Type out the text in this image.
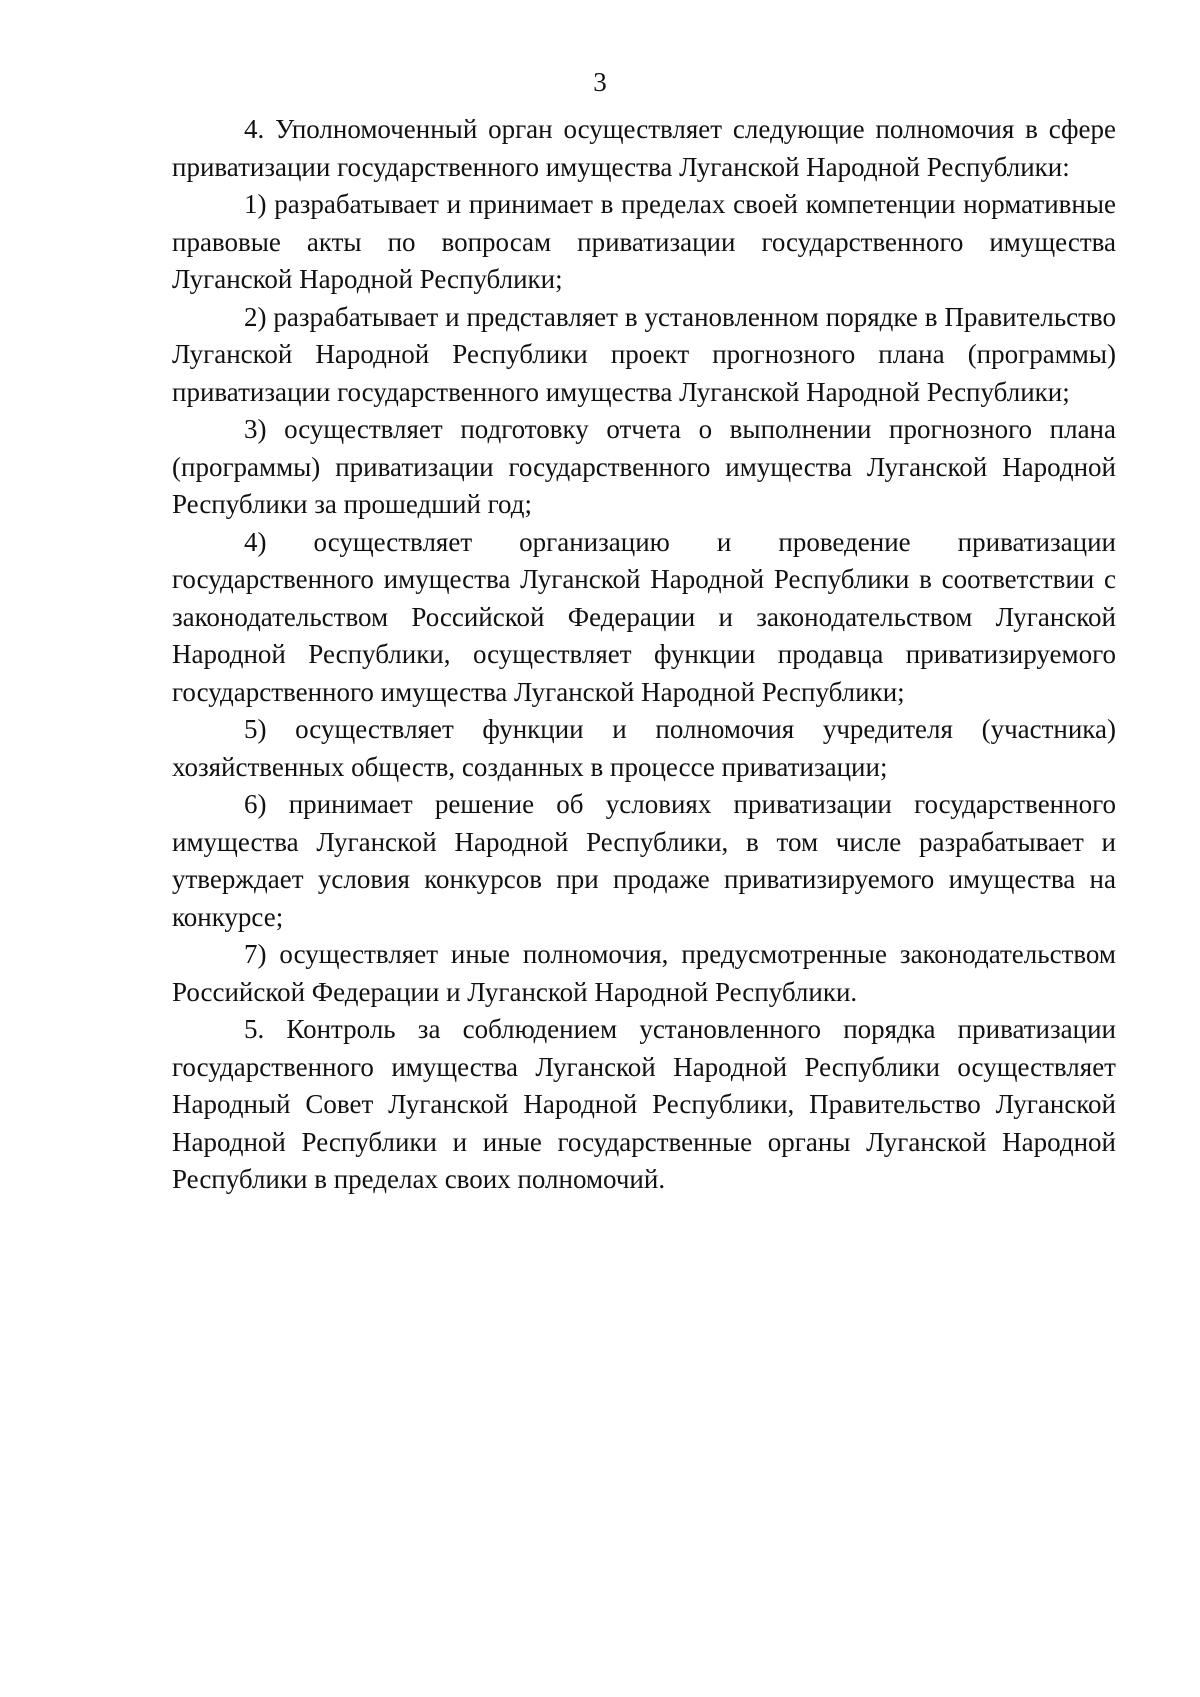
3

4. Уполномоченный орган осуществляет следующие полномочия в сфере приватизации государственного имущества Луганской Народной Республики:

1) разрабатывает и принимает в пределах своей компетенции нормативные правовые акты по вопросам приватизации государственного имущества Луганской Народной Республики;

2) разрабатывает и представляет в установленном порядке в Правительство Луганской Народной Республики проект прогнозного плана (программы) приватизации государственного имущества Луганской Народной Республики;

3) осуществляет подготовку отчета о выполнении прогнозного плана (программы) приватизации государственного имущества Луганской Народной Республики за прошедший год;

4) осуществляет организацию и проведение приватизации государственного имущества Луганской Народной Республики в соответствии с законодательством Российской Федерации и законодательством Луганской Народной Республики, осуществляет функции продавца приватизируемого государственного имущества Луганской Народной Республики;

5) осуществляет функции и полномочия учредителя (участника) хозяйственных обществ, созданных в процессе приватизации;

6) принимает решение об условиях приватизации государственного имущества Луганской Народной Республики, в том числе разрабатывает и утверждает условия конкурсов при продаже приватизируемого имущества на конкурсе;

7) осуществляет иные полномочия, предусмотренные законодательством Российской Федерации и Луганской Народной Республики.

5. Контроль за соблюдением установленного порядка приватизации государственного имущества Луганской Народной Республики осуществляет Народный Совет Луганской Народной Республики, Правительство Луганской Народной Республики и иные государственные органы Луганской Народной Республики в пределах своих полномочий.
